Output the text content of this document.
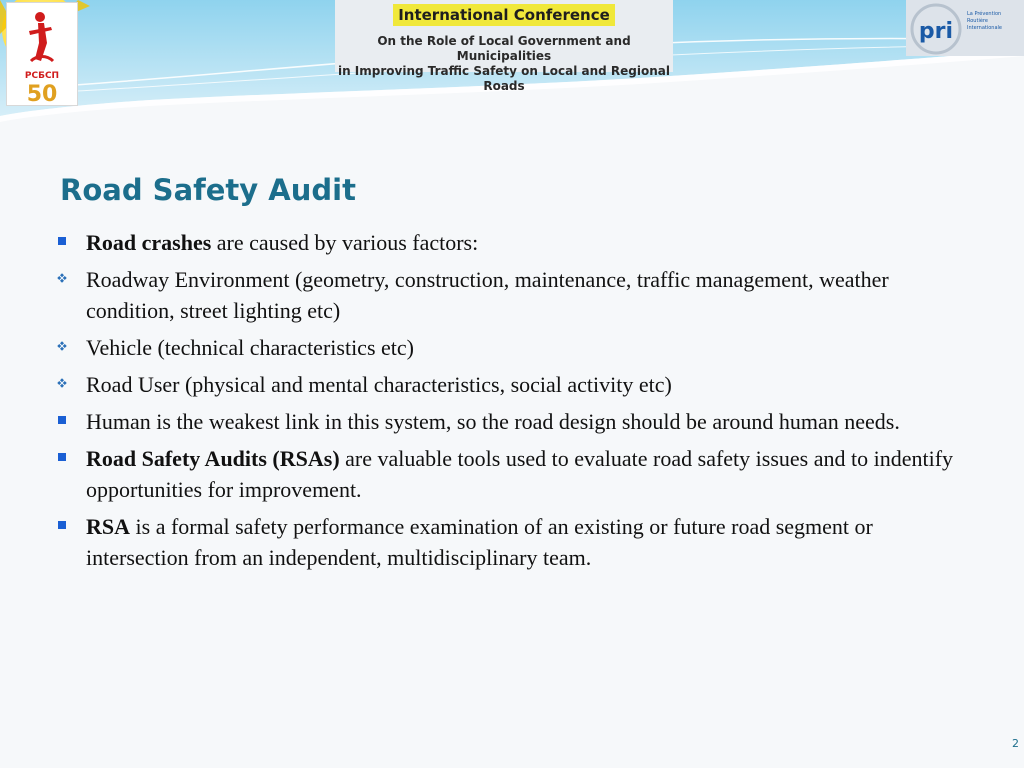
РСБСП
50
International Conference
On the Role of Local Government and Municipalities
in Improving Traffic Safety on Local and Regional Roads
pri
La Prévention Routière
Internationale
Road Safety Audit
Road crashes are caused by various factors:
Roadway Environment (geometry, construction, maintenance, traffic management, weather condition, street lighting etc)
Vehicle (technical characteristics etc)
Road User (physical and mental characteristics, social activity etc)
Human is the weakest link in this system, so the road design should be around human needs.
Road Safety Audits (RSAs) are valuable tools used to evaluate road safety issues and to indentify opportunities for improvement.
RSA is a formal safety performance examination of an existing or future road segment or intersection from an independent, multidisciplinary team.
2
